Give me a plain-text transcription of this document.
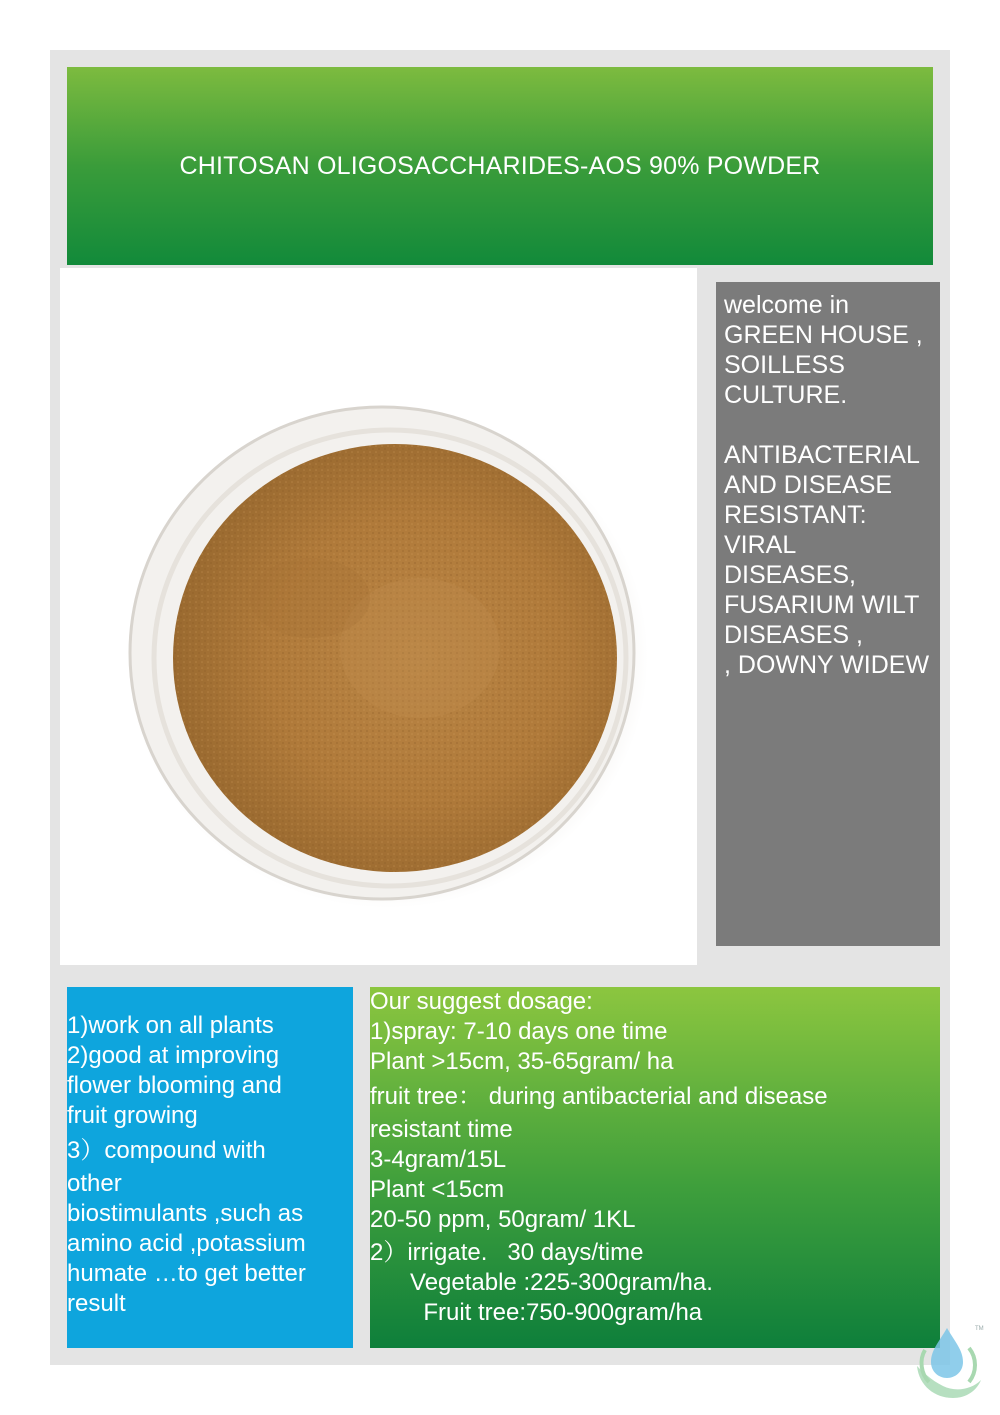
CHITOSAN OLIGOSACCHARIDES-AOS 90% POWDER

welcome in

GREEN HOUSE ,

SOILLESS

CULTURE.

ANTIBACTERIAL

AND DISEASE

RESISTANT:

VIRAL

DISEASES,

FUSARIUM WILT

DISEASES ,

, DOWNY WIDEW

1)work on all plants

2)good at improving

flower blooming and

fruit growing

3）compound with

other

biostimulants ,such as

amino acid ,potassium

humate …to get better

result

Our suggest dosage:

1)spray: 7-10 days one time

Plant >15cm, 35-65gram/ ha

fruit tree： during antibacterial and disease

resistant time

3-4gram/15L

Plant <15cm

20-50 ppm, 50gram/ 1KL

2）irrigate.   30 days/time

Vegetable :225-300gram/ha.

Fruit tree:750-900gram/ha

TM
